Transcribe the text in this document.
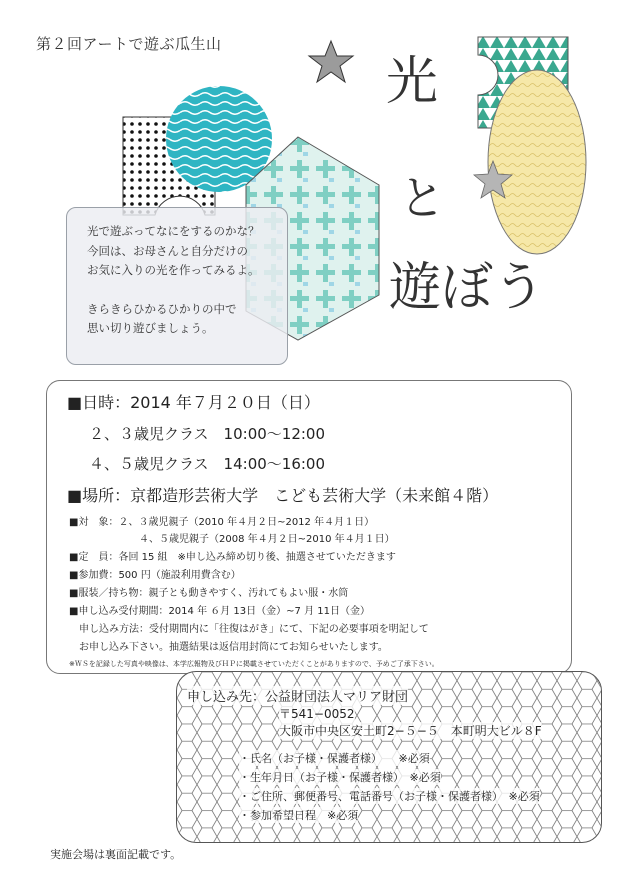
第２回アートで遊ぶ瓜生山
光
と
遊ぼう

光で遊ぶってなにをするのかな？

今回は、お母さんと自分だけの

お気に入りの光を作ってみるよ。

きらきらひかるひかりの中で

思い切り遊びましょう。

■日時：2014 年７月２０日（日）
２、３歳児クラス　10:00～12:00
４、５歳児クラス　14:00～16:00
■場所：京都造形芸術大学　こども芸術大学（未来館４階）
■対　象：２、３歳児親子（2010 年４月２日~2012 年４月１日）
４、５歳児親子（2008 年４月２日~2010 年４月１日）
■定　員：各回 15 組　※申し込み締め切り後、抽選させていただきます
■参加費：500 円（施設利用費含む）
■服装／持ち物：親子とも動きやすく、汚れてもよい服・水筒
■申し込み受付期間：2014 年 ６月 13日（金）~7 月 11日（金）
申し込み方法：受付期間内に「往復はがき」にて、下記の必要事項を明記して
お申し込み下さい。抽選結果は返信用封筒にてお知らせいたします。
※ＷＳを記録した写真や映像は、本学広報物及びＨＰに掲載させていただくことがありますので、予めご了承下さい。
申し込み先：公益財団法人マリア財団
〒541−0052
大阪市中央区安土町2−５−５　本町明大ビル８F
・氏名（お子様・保護者様）　　※必須
・生年月日（お子様・保護者様）　※必須
・ご住所、郵便番号、電話番号（お子様・保護者様）　※必須
・参加希望日程　※必須
実施会場は裏面記載です。
